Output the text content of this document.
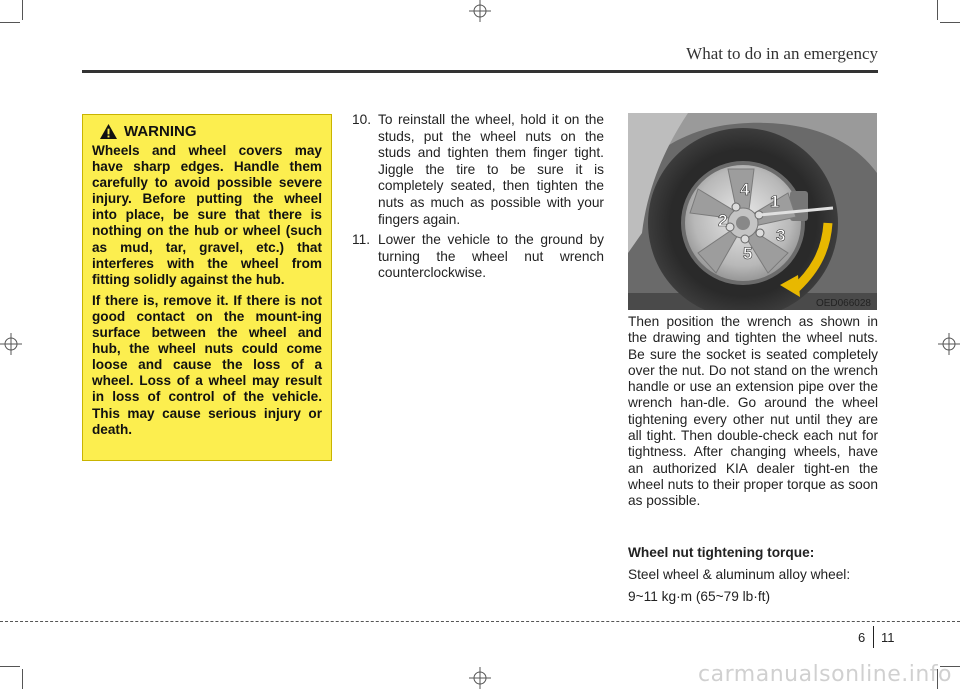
What to do in an emergency
WARNING

Wheels and wheel covers may have sharp edges. Handle them carefully to avoid possible severe injury. Before putting the wheel into place, be sure that there is nothing on the hub or wheel (such as mud, tar, gravel, etc.) that interferes with the wheel from fitting solidly against the hub.

If there is, remove it. If there is not good contact on the mount-ing surface between the wheel and hub, the wheel nuts could come loose and cause the loss of a wheel. Loss of a wheel may result in loss of control of the vehicle. This may cause serious injury or death.

10. To reinstall the wheel, hold it on the studs, put the wheel nuts on the studs and tighten them finger tight. Jiggle the tire to be sure it is completely seated, then tighten the nuts as much as possible with your fingers again.
11. Lower the vehicle to the ground by turning the wheel nut wrench counterclockwise.
1
2
3
4
5
OED066028

Then position the wrench as shown in the drawing and tighten the wheel nuts. Be sure the socket is seated completely over the nut. Do not stand on the wrench handle or use an extension pipe over the wrench han-dle. Go around the wheel tightening every other nut until they are all tight. Then double-check each nut for tightness. After changing wheels, have an authorized KIA dealer tight-en the wheel nuts to their proper torque as soon as possible.

Wheel nut tightening torque:
Steel wheel & aluminum alloy wheel:
9~11 kg·m (65~79 lb·ft)
6 11
carmanualsonline.info
